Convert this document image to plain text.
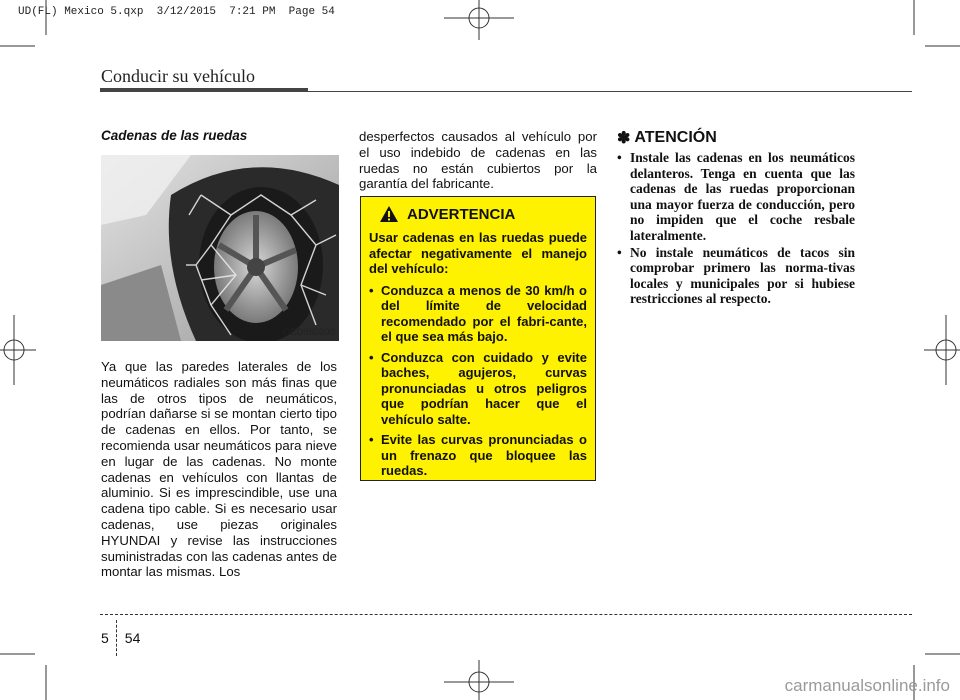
UD(FL) Mexico 5.qxp  3/12/2015  7:21 PM  Page 54
Conducir su vehículo
Cadenas de las ruedas
OED050200
Ya que las paredes laterales de los neumáticos radiales son más finas que las de otros tipos de neumáticos, podrían dañarse si se montan cierto tipo de cadenas en ellos. Por tanto, se recomienda usar neumáticos para nieve en lugar de las cadenas. No monte cadenas en vehículos con llantas de aluminio. Si es imprescindible, use una cadena tipo cable. Si es necesario usar cadenas, use piezas originales HYUNDAI y revise las instrucciones suministradas con las cadenas antes de montar las mismas. Los
desperfectos causados al vehículo por el uso indebido de cadenas en las ruedas no están cubiertos por la garantía del fabricante.
ADVERTENCIA
Usar cadenas en las ruedas puede afectar negativamente el manejo del vehículo:
• Conduzca a menos de 30 km/h o del límite de velocidad recomendado por el fabri-cante, el que sea más bajo.
• Conduzca con cuidado y evite baches, agujeros, curvas pronunciadas u otros peligros que podrían hacer que el vehículo salte.
• Evite las curvas pronunciadas o un frenazo que bloquee las ruedas.
✽ ATENCIÓN
• Instale las cadenas en los neumáticos delanteros. Tenga en cuenta que las cadenas de las ruedas proporcionan una mayor fuerza de conducción, pero no impiden que el coche resbale lateralmente.
• No instale neumáticos de tacos sin comprobar primero las norma-tivas locales y municipales por si hubiese restricciones al respecto.
5 54
carmanualsonline.info
